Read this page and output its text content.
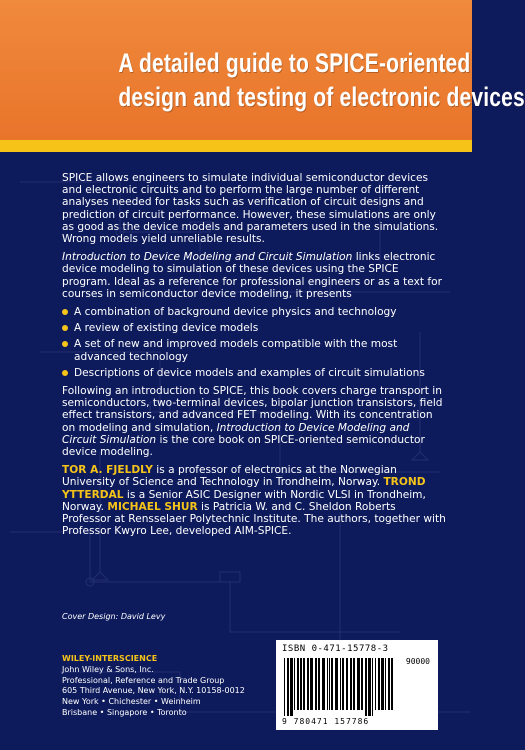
A detailed guide to SPICE-oriented
design and testing of electronic devices

SPICE allows engineers to simulate individual semiconductor devices and electronic circuits and to perform the large number of different analyses needed for tasks such as verification of circuit designs and prediction of circuit performance. However, these simulations are only as good as the device models and parameters used in the simulations. Wrong models yield unreliable results.

Introduction to Device Modeling and Circuit Simulation links electronic device modeling to simulation of these devices using the SPICE program. Ideal as a reference for professional engineers or as a text for courses in semiconductor device modeling, it presents

A combination of background device physics and technology
A review of existing device models
A set of new and improved models compatible with the most advanced technology
Descriptions of device models and examples of circuit simulations

Following an introduction to SPICE, this book covers charge transport in semiconductors, two-terminal devices, bipolar junction transistors, field effect transistors, and advanced FET modeling. With its concentration on modeling and simulation, Introduction to Device Modeling and Circuit Simulation is the core book on SPICE-oriented semiconductor device modeling.

TOR A. FJELDLY is a professor of electronics at the Norwegian University of Science and Technology in Trondheim, Norway. TROND YTTERDAL is a Senior ASIC Designer with Nordic VLSI in Trondheim, Norway. MICHAEL SHUR is Patricia W. and C. Sheldon Roberts Professor at Rensselaer Polytechnic Institute. The authors, together with Professor Kwyro Lee, developed AIM-SPICE.

Cover Design: David Levy
WILEY-INTERSCIENCE
John Wiley & Sons, Inc.
Professional, Reference and Trade Group
605 Third Avenue, New York, N.Y. 10158-0012
New York • Chichester • Weinheim
Brisbane • Singapore • Toronto
ISBN 0-471-15778-3
90000
9 780471 157786
